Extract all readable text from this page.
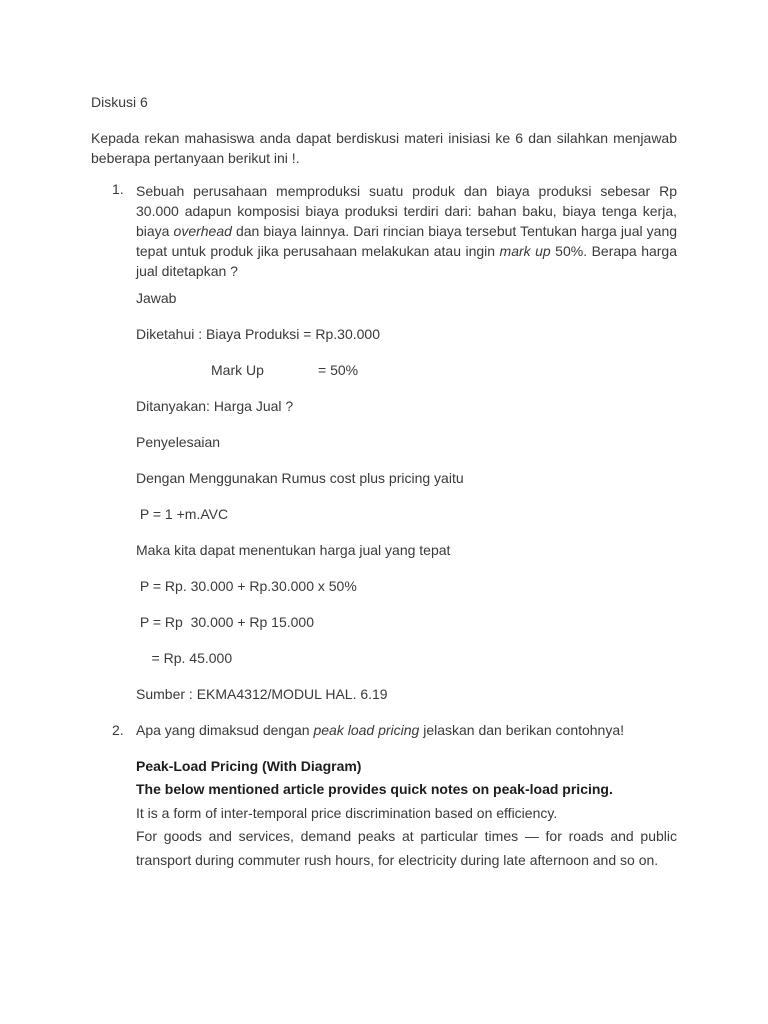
Diskusi 6

Kepada rekan mahasiswa anda dapat berdiskusi materi inisiasi ke 6 dan silahkan menjawab beberapa pertanyaan berikut ini !.

1. Sebuah perusahaan memproduksi suatu produk dan biaya produksi sebesar Rp 30.000 adapun komposisi biaya produksi terdiri dari: bahan baku, biaya tenga kerja, biaya overhead dan biaya lainnya. Dari rincian biaya tersebut Tentukan harga jual yang tepat untuk produk jika perusahaan melakukan atau ingin mark up 50%. Berapa harga jual ditetapkan ?

Jawab

Diketahui : Biaya Produksi = Rp.30.000

Mark Up	= 50%

Ditanyakan: Harga Jual ?

Penyelesaian

Dengan Menggunakan Rumus cost plus pricing yaitu

P = 1 +m.AVC

Maka kita dapat menentukan harga jual yang tepat

P = Rp. 30.000 + Rp.30.000 x 50%

P = Rp  30.000 + Rp 15.000

= Rp. 45.000

Sumber : EKMA4312/MODUL HAL. 6.19

2. Apa yang dimaksud dengan peak load pricing jelaskan dan berikan contohnya!

Peak-Load Pricing (With Diagram)

The below mentioned article provides quick notes on peak-load pricing.

It is a form of inter-temporal price discrimination based on efficiency.

For goods and services, demand peaks at particular times — for roads and public transport during commuter rush hours, for electricity during late afternoon and so on.
